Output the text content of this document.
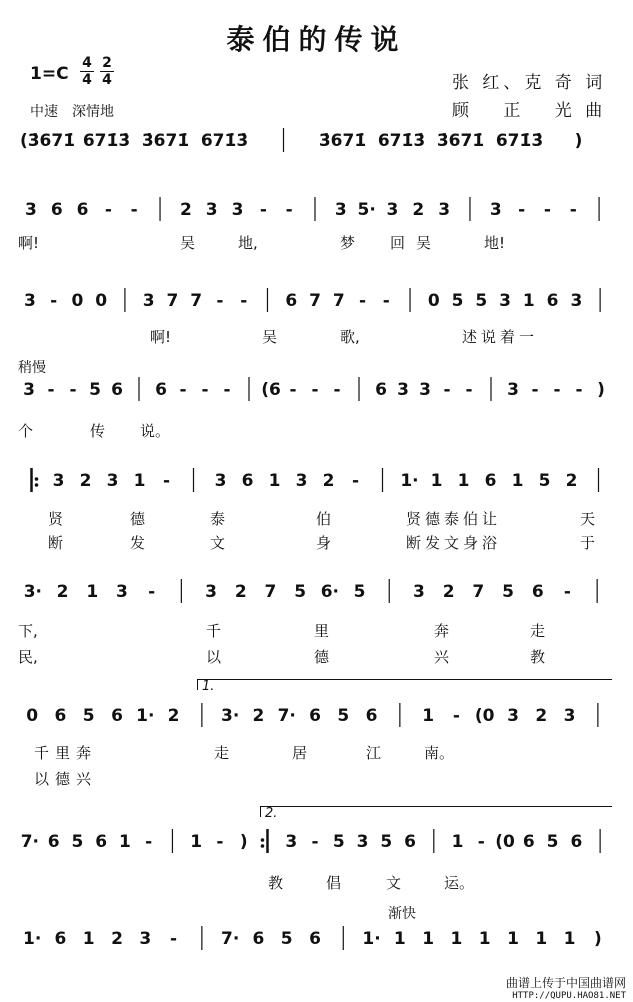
泰伯的传说
1=C
4
4
2
4
中速　深情地
张 红、克 奇 词
顾　 正　 光 曲
(3̇671̇ 671̇3̇ 3̇671̇ 671̇3̇	3̇671̇ 671̇3̇ 3̇671̇ 671̇3̇ )
3 6 6 - - 2 3 3 - - 3 5· 3 2 3 3 - - -
3 - 0 0 3 7 7 - - 6 7 7 - - 0 5 5 3 1 6 3
3 - - 5 6 6 - - - (6 - - - 6 3 3 - - 3 - - - )
3 2 3 1 -	3 6 1 3 2 - 1· 1 1 6 1 5 2
3· 2 1 3 -	3 2 7 5 6· 5	3 2 7 5 6 -
0 6 5 6 1· 2 3· 2 7· 6 5 6	1 - (0 3 2 3
7· 6 5 6 1 - 1 - ) 3 - 5 3 5 6 1 - (0 6 5 6
1· 6 1 2 3 -	7· 6 5 6 1· 1 1 1 1 1 1 1 )
啊!	吴	地,	梦 回 吴	地!
啊!	吴	歌,	述说着一
稍慢
个	传 说。
贤	德	泰	伯	贤德泰伯让	天
断	发	文	身	断发文身浴	于
下,	千	里	奔	走
民,	以	德	兴	教
千里奔	走	居	江	南。
以德兴
教	倡	文	运。
渐快
1.
2.
曲谱上传于中国曲谱网
HTTP://QUPU.HAO81.NET
